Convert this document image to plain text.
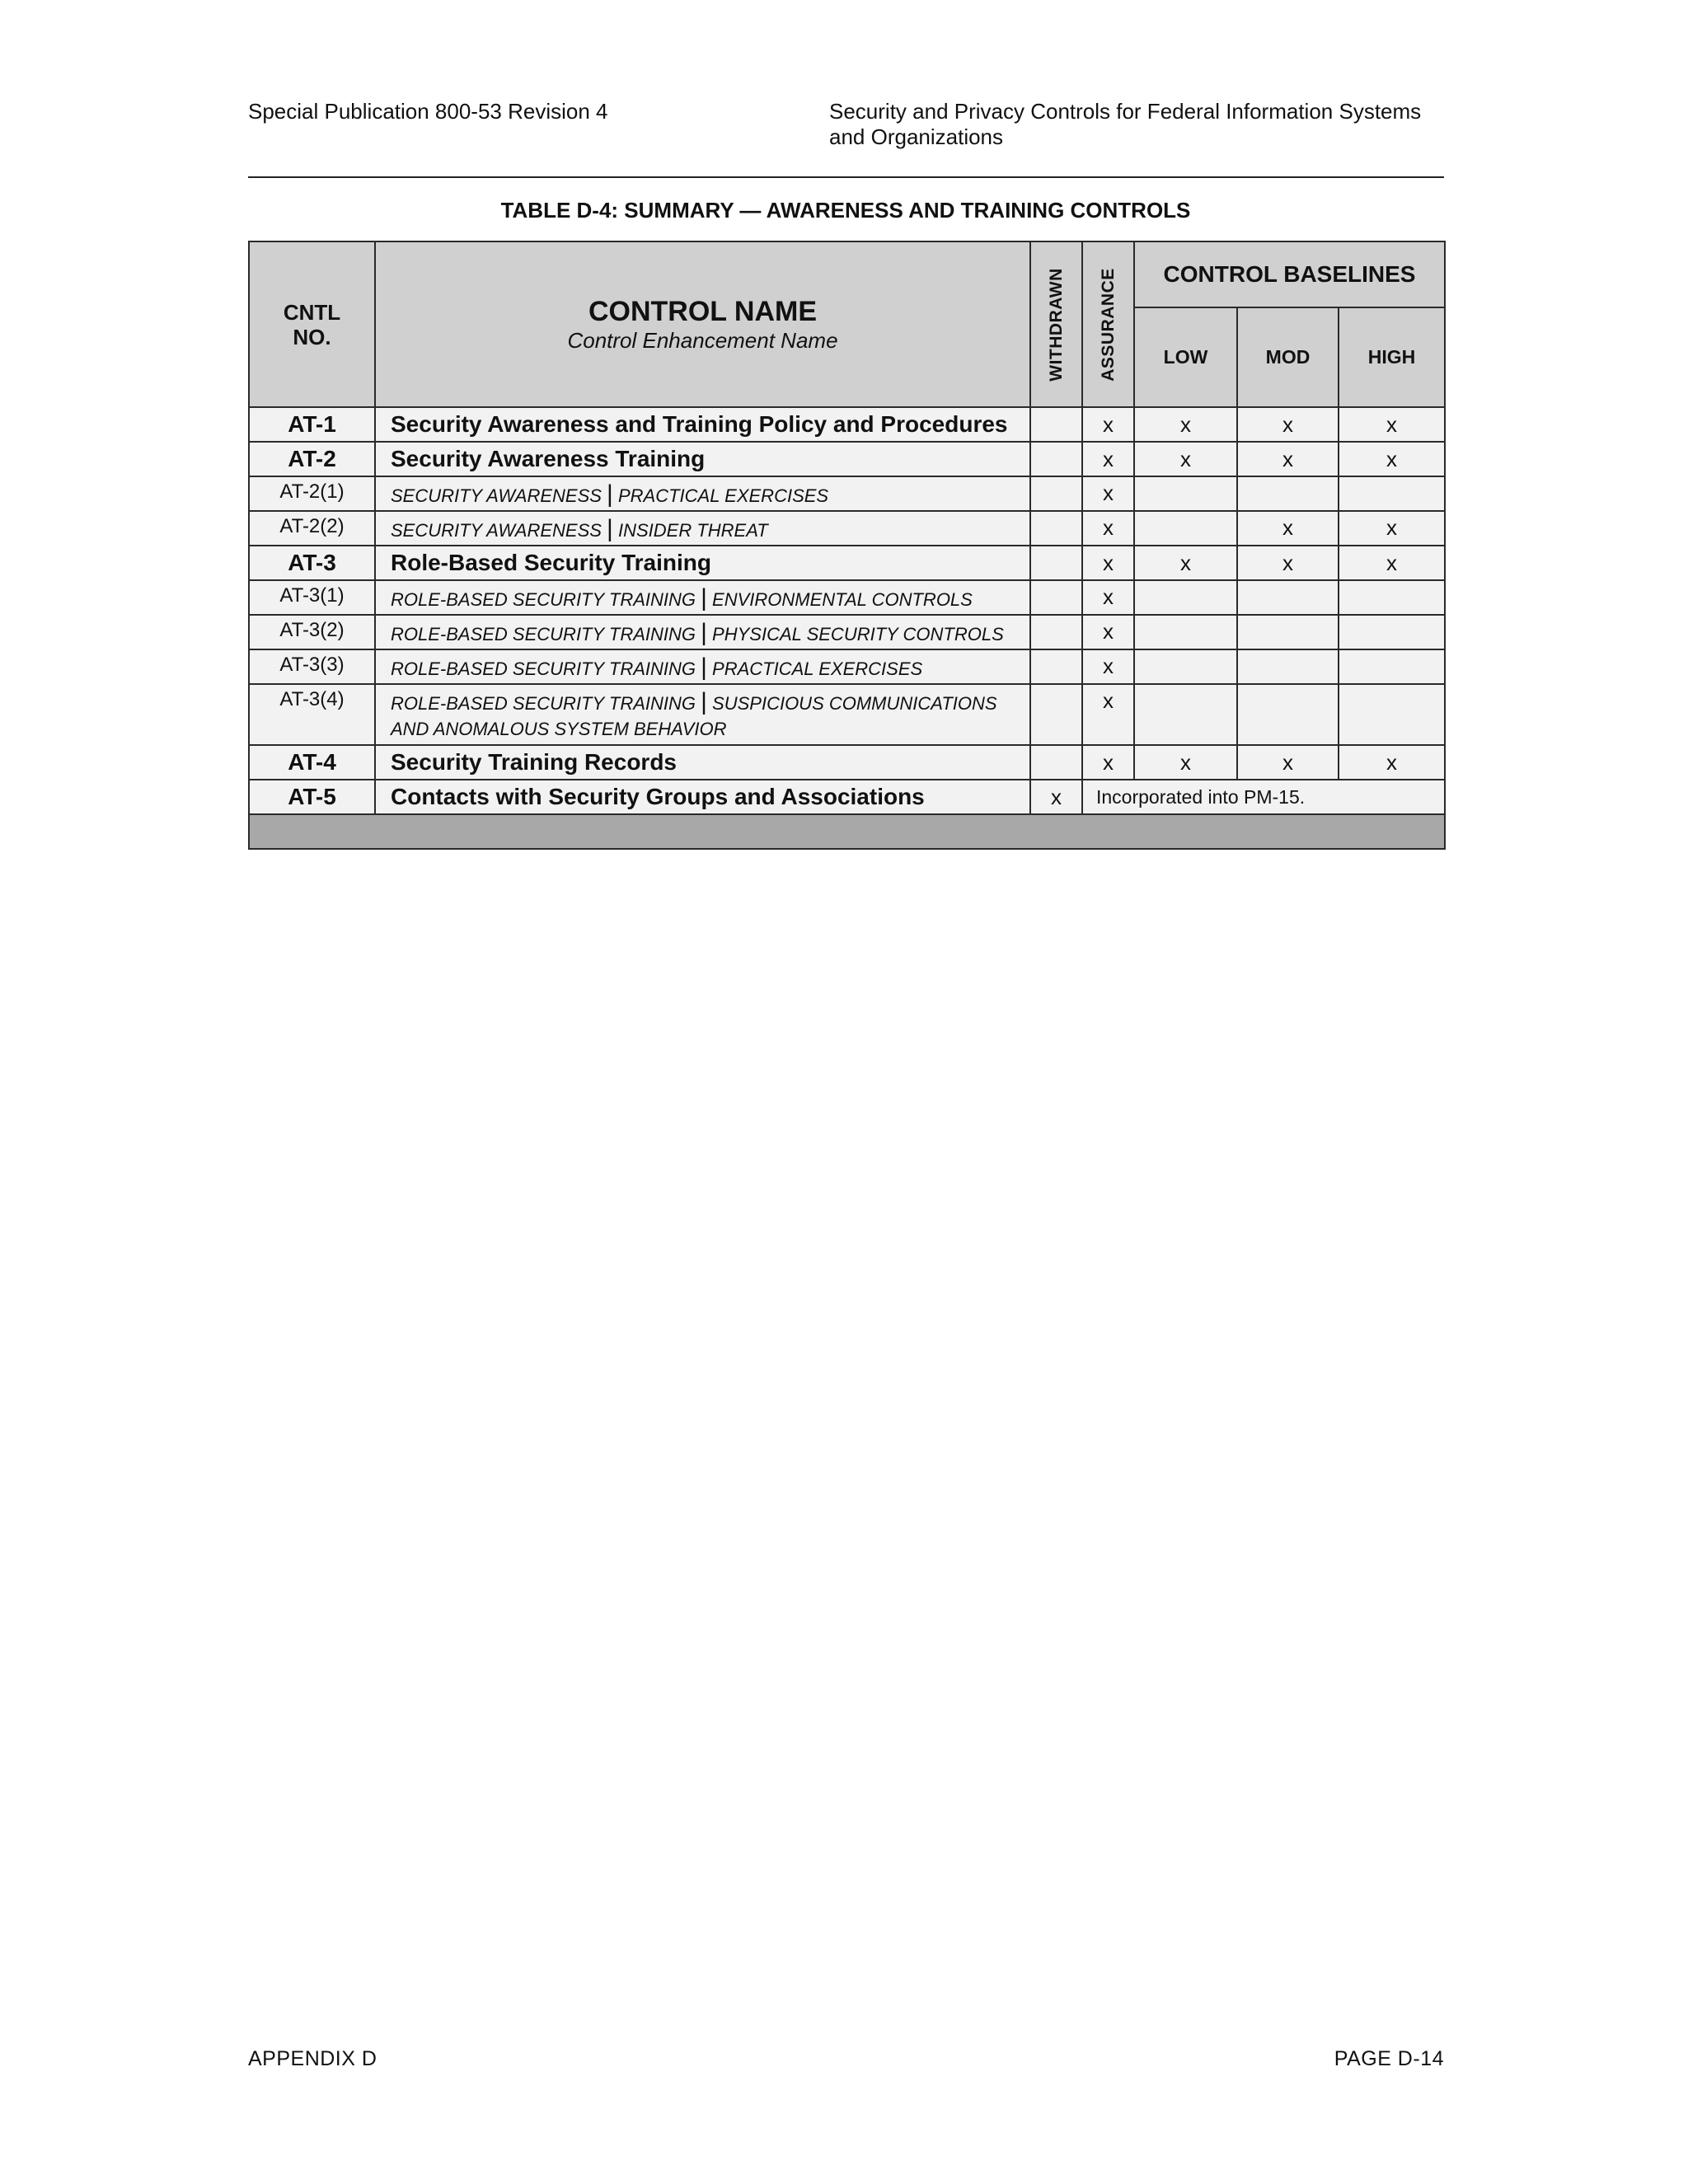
Special Publication 800-53 Revision 4	Security and Privacy Controls for Federal Information Systems
and Organizations
TABLE D-4: SUMMARY — AWARENESS AND TRAINING CONTROLS
CNTL
NO.	CONTROL NAME
Control Enhancement Name	WITHDRAWN	ASSURANCE	CONTROL BASELINES		
				LOW	MOD	HIGH
AT-1	Security Awareness and Training Policy and Procedures		x	x	x	x
AT-2	Security Awareness Training		x	x	x	x
AT-2(1)	SECURITY AWARENESS | PRACTICAL EXERCISES		x			
AT-2(2)	SECURITY AWARENESS | INSIDER THREAT		x		x	x
AT-3	Role-Based Security Training		x	x	x	x
AT-3(1)	ROLE-BASED SECURITY TRAINING | ENVIRONMENTAL CONTROLS		x			
AT-3(2)	ROLE-BASED SECURITY TRAINING | PHYSICAL SECURITY CONTROLS		x			
AT-3(3)	ROLE-BASED SECURITY TRAINING | PRACTICAL EXERCISES		x			
AT-3(4)	ROLE-BASED SECURITY TRAINING | SUSPICIOUS COMMUNICATIONS AND ANOMALOUS SYSTEM BEHAVIOR		x			
AT-4	Security Training Records		x	x	x	x
AT-5	Contacts with Security Groups and Associations	x	Incorporated into PM-15.			

APPENDIX D	PAGE D-14
